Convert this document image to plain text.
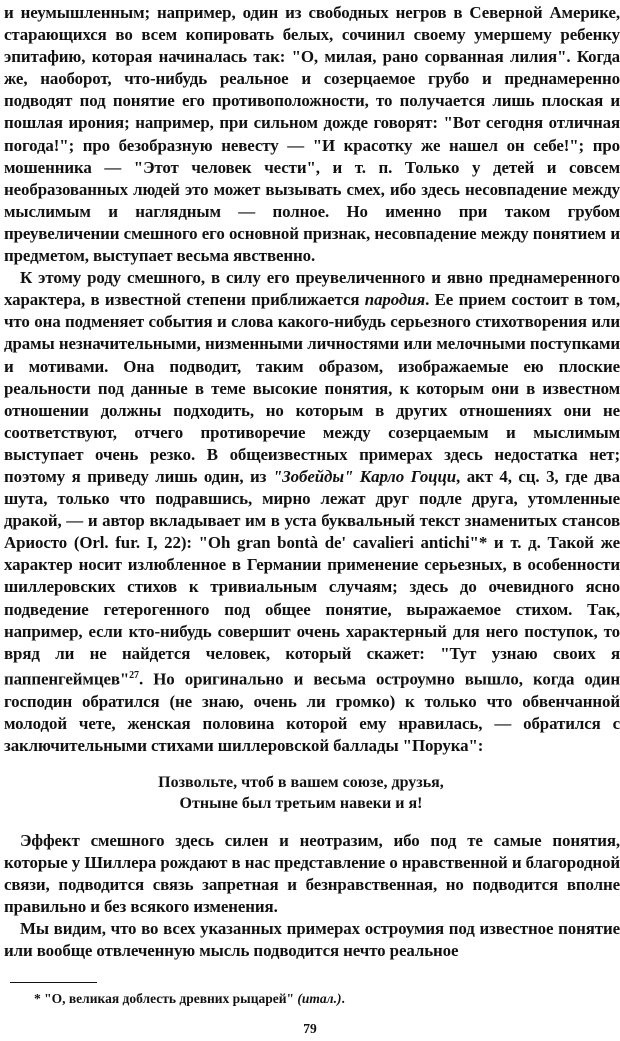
и неумышленным; например, один из свободных негров в Северной Америке, старающихся во всем копировать белых, сочинил своему умершему ребенку эпитафию, которая начиналась так: "О, милая, рано сорванная лилия". Когда же, наоборот, что-нибудь реальное и созерцаемое грубо и преднамеренно подводят под понятие его противоположности, то получается лишь плоская и пошлая ирония; например, при сильном дожде говорят: "Вот сегодня отличная погода!"; про безобразную невесту — "И красотку же нашел он себе!"; про мошенника — "Этот человек чести", и т. п. Только у детей и совсем необразованных людей это может вызывать смех, ибо здесь несовпадение между мыслимым и наглядным — полное. Но именно при таком грубом преувеличении смешного его основной признак, несовпадение между понятием и предметом, выступает весьма явственно.

К этому роду смешного, в силу его преувеличенного и явно преднамеренного характера, в известной степени приближается пародия. Ее прием состоит в том, что она подменяет события и слова какого-нибудь серьезного стихотворения или драмы незначительными, низменными личностями или мелочными поступками и мотивами. Она подводит, таким образом, изображаемые ею плоские реальности под данные в теме высокие понятия, к которым они в известном отношении должны подходить, но которым в других отношениях они не соответствуют, отчего противоречие между созерцаемым и мыслимым выступает очень резко. В общеизвестных примерах здесь недостатка нет; поэтому я приведу лишь один, из "Зобейды" Карло Гоцци, акт 4, сц. 3, где два шута, только что подравшись, мирно лежат друг подле друга, утомленные дракой, — и автор вкладывает им в уста буквальный текст знаменитых стансов Ариосто (Orl. fur. I, 22): "Oh gran bontà de' cavalieri antichi"* и т. д. Такой же характер носит излюбленное в Германии применение серьезных, в особенности шиллеровских стихов к тривиальным случаям; здесь до очевидного ясно подведение гетерогенного под общее понятие, выражаемое стихом. Так, например, если кто-нибудь совершит очень характерный для него поступок, то вряд ли не найдется человек, который скажет: "Тут узнаю своих я паппенгеймцев"$^{27}$. Но оригинально и весьма остроумно вышло, когда один господин обратился (не знаю, очень ли громко) к только что обвенчанной молодой чете, женская половина которой ему нравилась, — обратился с заключительными стихами шиллеровской баллады "Порука":

Позвольте, чтоб в вашем союзе, друзья,
Отныне был третьим навеки и я!

Эффект смешного здесь силен и неотразим, ибо под те самые понятия, которые у Шиллера рождают в нас представление о нравственной и благородной связи, подводится связь запретная и безнравственная, но подводится вполне правильно и без всякого изменения.

Мы видим, что во всех указанных примерах остроумия под известное понятие или вообще отвлеченную мысль подводится нечто реальное

* "О, великая доблесть древних рыцарей" (итал.).
79
